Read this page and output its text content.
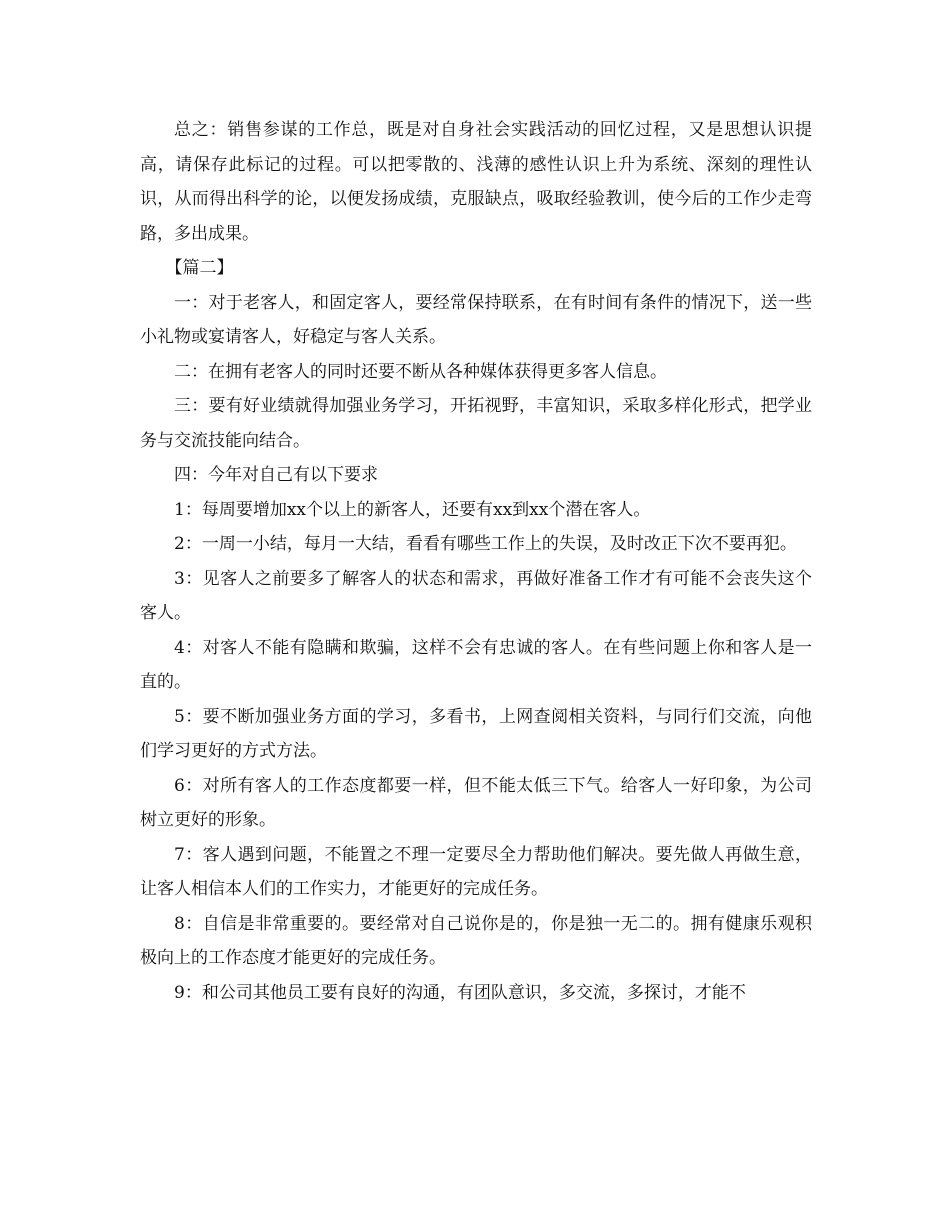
总之：销售参谋的工作总，既是对自身社会实践活动的回忆过程，又是思想认识提高，请保存此标记的过程。可以把零散的、浅薄的感性认识上升为系统、深刻的理性认识，从而得出科学的论，以便发扬成绩，克服缺点，吸取经验教训，使今后的工作少走弯路，多出成果。

【篇二】

一：对于老客人，和固定客人，要经常保持联系，在有时间有条件的情况下，送一些小礼物或宴请客人，好稳定与客人关系。

二：在拥有老客人的同时还要不断从各种媒体获得更多客人信息。

三：要有好业绩就得加强业务学习，开拓视野，丰富知识，采取多样化形式，把学业务与交流技能向结合。

四：今年对自己有以下要求

1：每周要增加xx个以上的新客人，还要有xx到xx个潜在客人。

2：一周一小结，每月一大结，看看有哪些工作上的失误，及时改正下次不要再犯。

3：见客人之前要多了解客人的状态和需求，再做好准备工作才有可能不会丧失这个客人。

4：对客人不能有隐瞒和欺骗，这样不会有忠诚的客人。在有些问题上你和客人是一直的。

5：要不断加强业务方面的学习，多看书，上网查阅相关资料，与同行们交流，向他们学习更好的方式方法。

6：对所有客人的工作态度都要一样，但不能太低三下气。给客人一好印象，为公司树立更好的形象。

7：客人遇到问题，不能置之不理一定要尽全力帮助他们解决。要先做人再做生意，让客人相信本人们的工作实力，才能更好的完成任务。

8：自信是非常重要的。要经常对自己说你是的，你是独一无二的。拥有健康乐观积极向上的工作态度才能更好的完成任务。

9：和公司其他员工要有良好的沟通，有团队意识，多交流，多探讨，才能不
